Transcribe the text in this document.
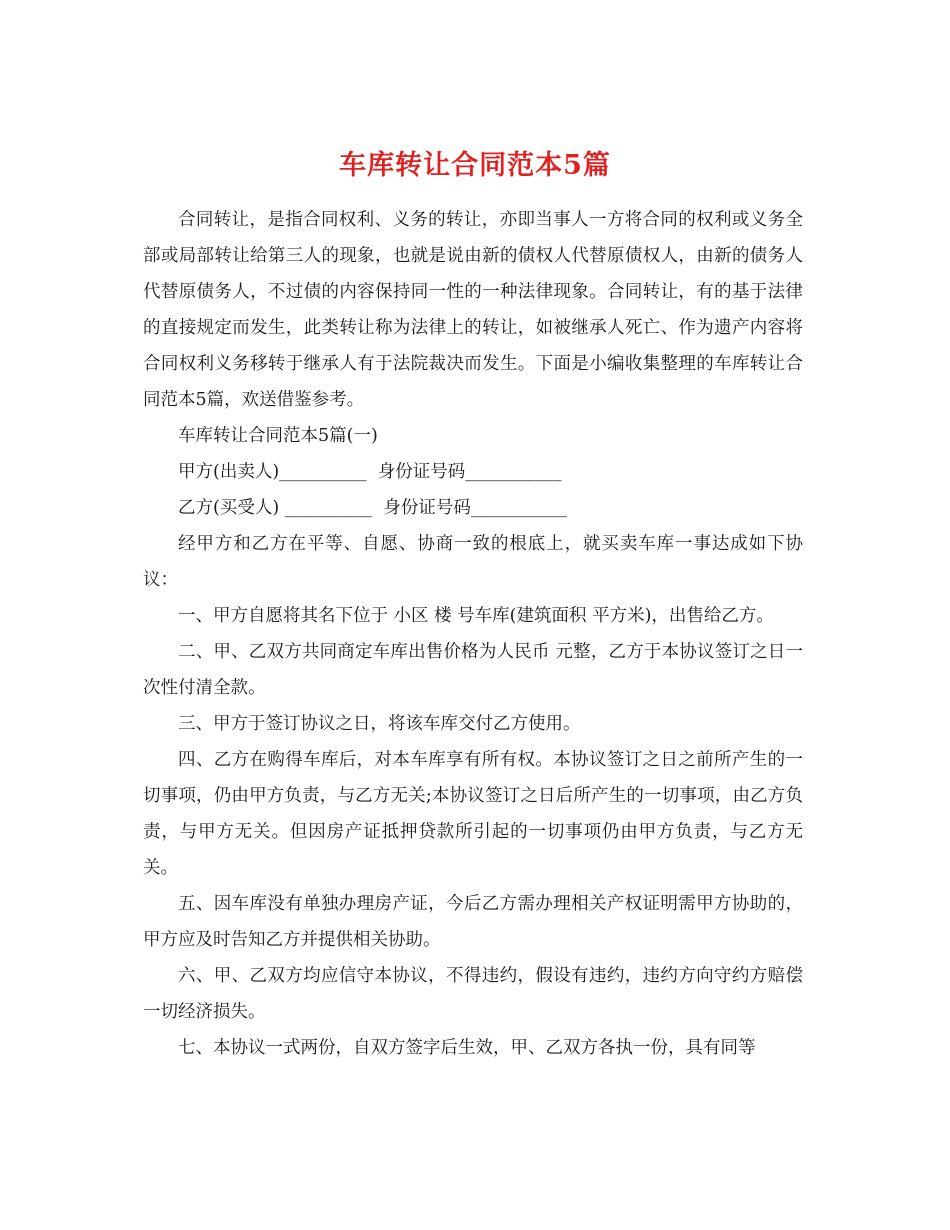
车库转让合同范本5篇

合同转让，是指合同权利、义务的转让，亦即当事人一方将合同的权利或义务全部或局部转让给第三人的现象，也就是说由新的债权人代替原债权人，由新的债务人代替原债务人，不过债的内容保持同一性的一种法律现象。合同转让，有的基于法律的直接规定而发生，此类转让称为法律上的转让，如被继承人死亡、作为遗产内容将合同权利义务移转于继承人有于法院裁决而发生。下面是小编收集整理的车库转让合同范本5篇，欢送借鉴参考。

车库转让合同范本5篇(一)

甲方(出卖人)__________ 身份证号码___________

乙方(买受人) __________ 身份证号码___________

经甲方和乙方在平等、自愿、协商一致的根底上，就买卖车库一事达成如下协议：

一、甲方自愿将其名下位于 小区 楼 号车库(建筑面积 平方米)，出售给乙方。

二、甲、乙双方共同商定车库出售价格为人民币 元整，乙方于本协议签订之日一次性付清全款。

三、甲方于签订协议之日，将该车库交付乙方使用。

四、乙方在购得车库后，对本车库享有所有权。本协议签订之日之前所产生的一切事项，仍由甲方负责，与乙方无关;本协议签订之日后所产生的一切事项，由乙方负责，与甲方无关。但因房产证抵押贷款所引起的一切事项仍由甲方负责，与乙方无关。

五、因车库没有单独办理房产证，今后乙方需办理相关产权证明需甲方协助的，甲方应及时告知乙方并提供相关协助。

六、甲、乙双方均应信守本协议，不得违约，假设有违约，违约方向守约方赔偿一切经济损失。

七、本协议一式两份，自双方签字后生效，甲、乙双方各执一份，具有同等
